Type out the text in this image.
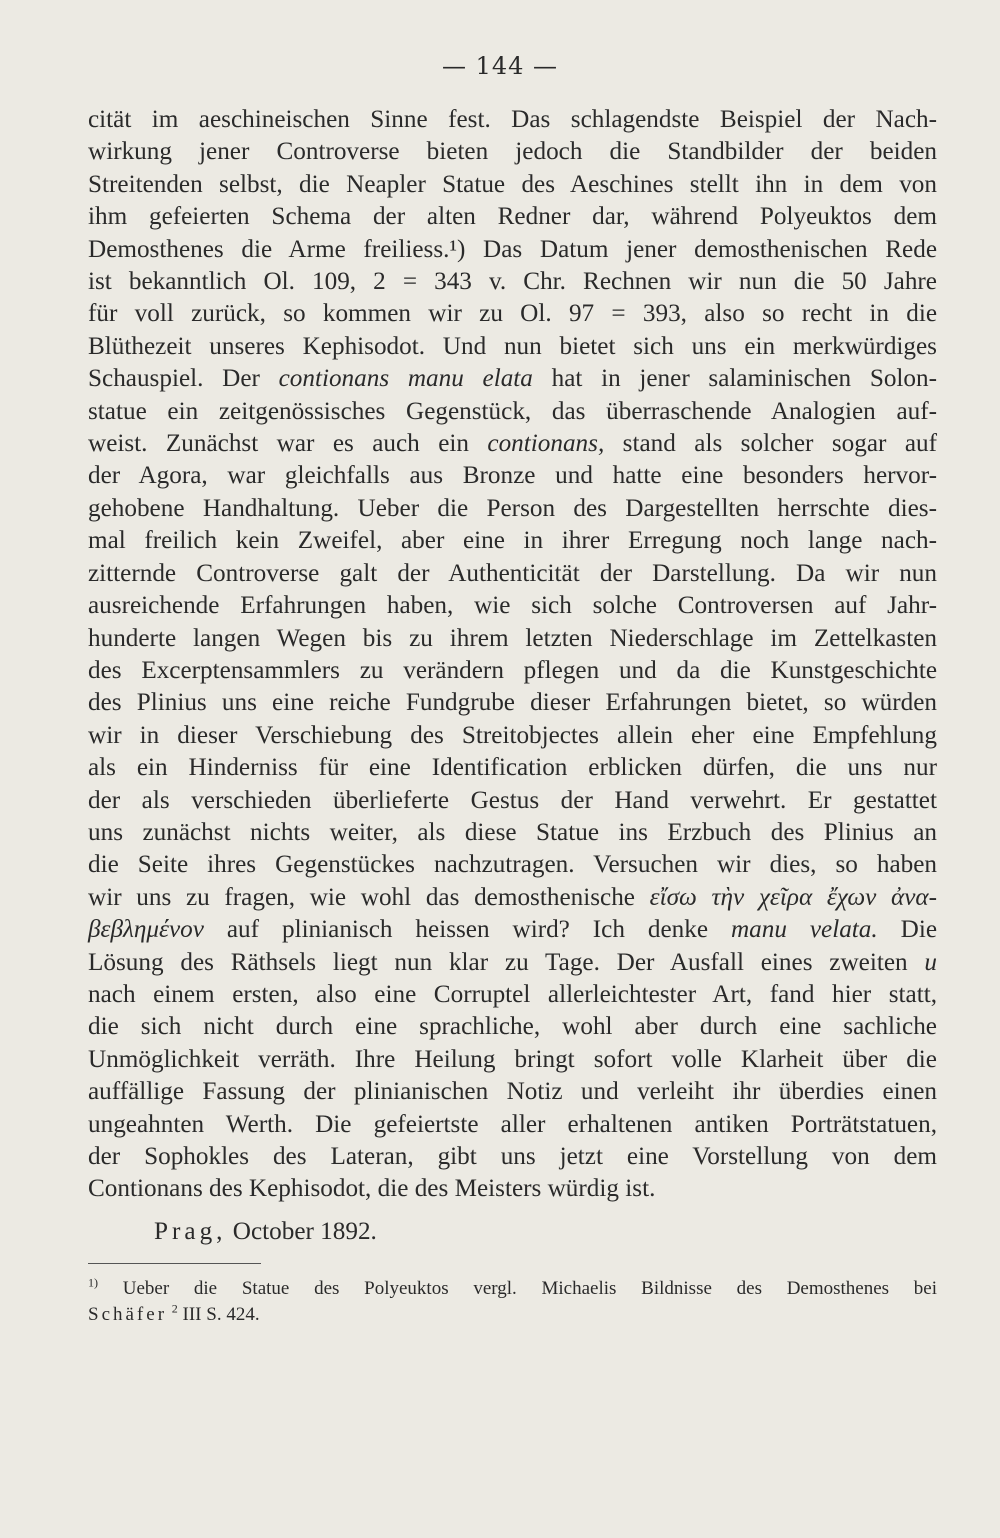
— 144 —
cität im aeschineischen Sinne fest. Das schlagendste Beispiel der Nach-
wirkung jener Controverse bieten jedoch die Standbilder der beiden
Streitenden selbst, die Neapler Statue des Aeschines stellt ihn in dem von
ihm gefeierten Schema der alten Redner dar, während Polyeuktos dem
Demosthenes die Arme freiliess.¹) Das Datum jener demosthenischen Rede
ist bekanntlich Ol. 109, 2 = 343 v. Chr. Rechnen wir nun die 50 Jahre
für voll zurück, so kommen wir zu Ol. 97 = 393, also so recht in die
Blüthezeit unseres Kephisodot. Und nun bietet sich uns ein merkwürdiges
Schauspiel. Der contionans manu elata hat in jener salaminischen Solon-
statue ein zeitgenössisches Gegenstück, das überraschende Analogien auf-
weist. Zunächst war es auch ein contionans, stand als solcher sogar auf
der Agora, war gleichfalls aus Bronze und hatte eine besonders hervor-
gehobene Handhaltung. Ueber die Person des Dargestellten herrschte dies-
mal freilich kein Zweifel, aber eine in ihrer Erregung noch lange nach-
zitternde Controverse galt der Authenticität der Darstellung. Da wir nun
ausreichende Erfahrungen haben, wie sich solche Controversen auf Jahr-
hunderte langen Wegen bis zu ihrem letzten Niederschlage im Zettelkasten
des Excerptensammlers zu verändern pflegen und da die Kunstgeschichte
des Plinius uns eine reiche Fundgrube dieser Erfahrungen bietet, so würden
wir in dieser Verschiebung des Streitobjectes allein eher eine Empfehlung
als ein Hinderniss für eine Identification erblicken dürfen, die uns nur
der als verschieden überlieferte Gestus der Hand verwehrt. Er gestattet
uns zunächst nichts weiter, als diese Statue ins Erzbuch des Plinius an
die Seite ihres Gegenstückes nachzutragen. Versuchen wir dies, so haben
wir uns zu fragen, wie wohl das demosthenische εἴσω τὴν χεῖρα ἔχων ἀνα-
βεβλημένον auf plinianisch heissen wird? Ich denke manu velata. Die
Lösung des Räthsels liegt nun klar zu Tage. Der Ausfall eines zweiten u
nach einem ersten, also eine Corruptel allerleichtester Art, fand hier statt,
die sich nicht durch eine sprachliche, wohl aber durch eine sachliche
Unmöglichkeit verräth. Ihre Heilung bringt sofort volle Klarheit über die
auffällige Fassung der plinianischen Notiz und verleiht ihr überdies einen
ungeahnten Werth. Die gefeiertste aller erhaltenen antiken Porträtstatuen,
der Sophokles des Lateran, gibt uns jetzt eine Vorstellung von dem
Contionans des Kephisodot, die des Meisters würdig ist.
Prag, October 1892.
$^{1)}$ Ueber die Statue des Polyeuktos vergl. Michaelis Bildnisse des Demosthenes bei
Schäfer $^2$ III S. 424.
